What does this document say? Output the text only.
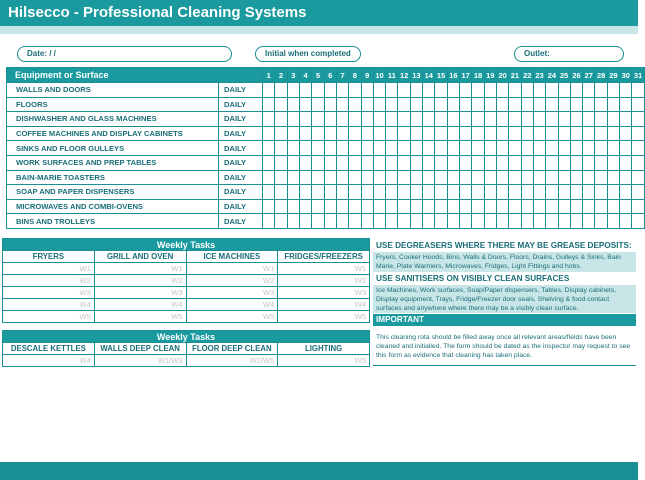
Hilsecco - Professional Cleaning Systems
Date: / /	Initial when completed	Outlet:
Equipment or Surface		1	2	3	4	5	6	7	8	9	10	11	12	13	14	15	16	17	18	19	20	21	22	23	24	25	26	27	28	29	30	31
WALLS AND DOORS	DAILY																															
FLOORS	DAILY																															
DISHWASHER AND GLASS MACHINES	DAILY																															
COFFEE MACHINES AND DISPLAY CABINETS	DAILY																															
SINKS AND FLOOR GULLEYS	DAILY																															
WORK SURFACES AND PREP TABLES	DAILY																															
BAIN-MARIE TOASTERS	DAILY																															
SOAP AND PAPER DISPENSERS	DAILY																															
MICROWAVES AND COMBI-OVENS	DAILY																															
BINS AND TROLLEYS	DAILY																															
Weekly Tasks			
FRYERS	GRILL AND OVEN	ICE MACHINES	FRIDGES/FREEZERS
W1	W1	W1	W1
W2	W2	W2	W2
W3	W3	W3	W3
W4	W4	W4	W4
W5	W5	W5	W5
Weekly Tasks			
DESCALE KETTLES	WALLS DEEP CLEAN	FLOOR DEEP CLEAN	LIGHTING
W4	W1/W3	W2/W5	W5
USE DEGREASERS WHERE THERE MAY BE GREASE DEPOSITS:
Fryers, Cooker Hoods, Bins, Walls & Doors, Floors, Drains, Gulleys & Sinks, Bain Marie, Plate Warmers, Microwaves, Fridges, Light Fittings and hobs.
USE SANITISERS ON VISIBLY CLEAN SURFACES
Ice Machines, Work surfaces, Soap/Paper dispensers, Tables, Display cabinets, Display equipment, Trays, Fridge/Freezer door seals, Shelving & food contact surfaces and anywhere where there may be a visibly clean surface.
IMPORTANT
This cleaning rota should be filled away once all relevant areas/fields have been cleaned and initialled. The form should be dated as the inspector may request to see this form as evidence that cleaning has taken place.
